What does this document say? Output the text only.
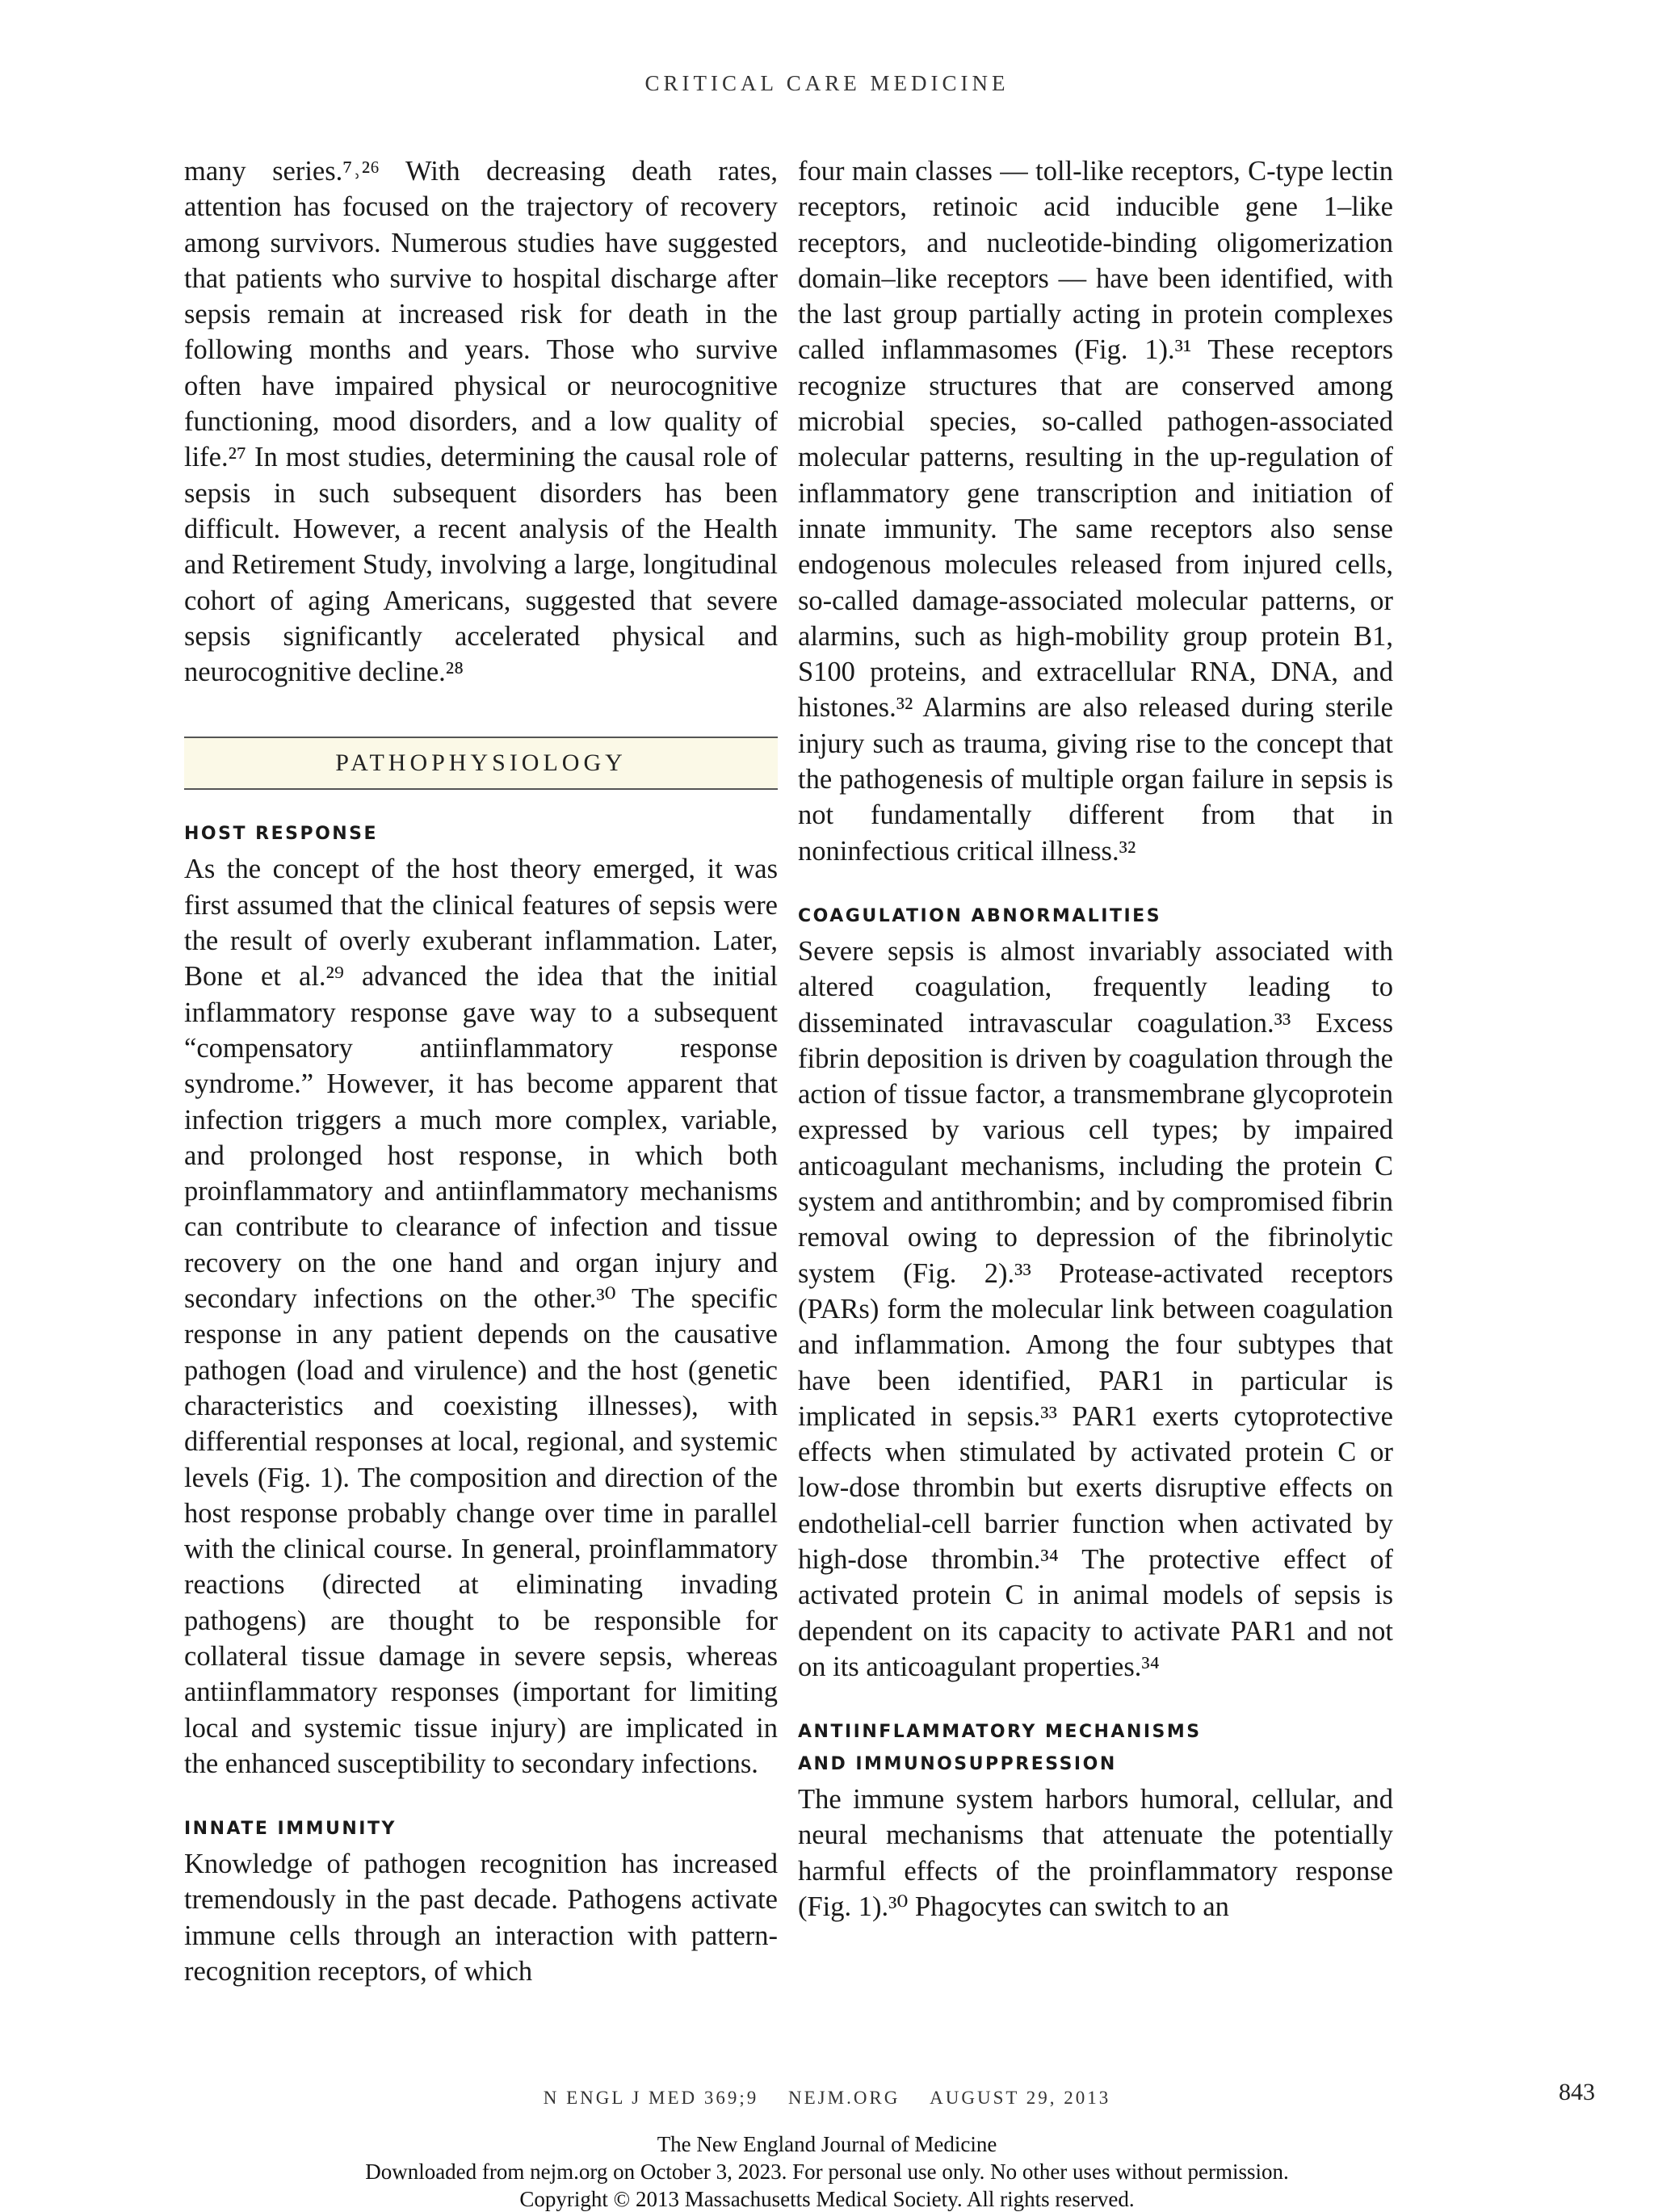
CRITICAL CARE MEDICINE

many series.⁷˒²⁶ With decreasing death rates, attention has focused on the trajectory of recovery among survivors. Numerous studies have suggested that patients who survive to hospital discharge after sepsis remain at increased risk for death in the following months and years. Those who survive often have impaired physical or neurocognitive functioning, mood disorders, and a low quality of life.²⁷ In most studies, determining the causal role of sepsis in such subsequent disorders has been difficult. However, a recent analysis of the Health and Retirement Study, involving a large, longitudinal cohort of aging Americans, suggested that severe sepsis significantly accelerated physical and neurocognitive decline.²⁸

PATHOPHYSIOLOGY
HOST RESPONSE

As the concept of the host theory emerged, it was first assumed that the clinical features of sepsis were the result of overly exuberant inflammation. Later, Bone et al.²⁹ advanced the idea that the initial inflammatory response gave way to a subsequent “compensatory antiinflammatory response syndrome.” However, it has become apparent that infection triggers a much more complex, variable, and prolonged host response, in which both proinflammatory and antiinflammatory mechanisms can contribute to clearance of infection and tissue recovery on the one hand and organ injury and secondary infections on the other.³⁰ The specific response in any patient depends on the causative pathogen (load and virulence) and the host (genetic characteristics and coexisting illnesses), with differential responses at local, regional, and systemic levels (Fig. 1). The composition and direction of the host response probably change over time in parallel with the clinical course. In general, proinflammatory reactions (directed at eliminating invading pathogens) are thought to be responsible for collateral tissue damage in severe sepsis, whereas antiinflammatory responses (important for limiting local and systemic tissue injury) are implicated in the enhanced susceptibility to secondary infections.

INNATE IMMUNITY

Knowledge of pathogen recognition has increased tremendously in the past decade. Pathogens activate immune cells through an interaction with pattern-recognition receptors, of which

four main classes — toll-like receptors, C-type lectin receptors, retinoic acid inducible gene 1–like receptors, and nucleotide-binding oligomerization domain–like receptors — have been identified, with the last group partially acting in protein complexes called inflammasomes (Fig. 1).³¹ These receptors recognize structures that are conserved among microbial species, so-called pathogen-associated molecular patterns, resulting in the up-regulation of inflammatory gene transcription and initiation of innate immunity. The same receptors also sense endogenous molecules released from injured cells, so-called damage-associated molecular patterns, or alarmins, such as high-mobility group protein B1, S100 proteins, and extracellular RNA, DNA, and histones.³² Alarmins are also released during sterile injury such as trauma, giving rise to the concept that the pathogenesis of multiple organ failure in sepsis is not fundamentally different from that in noninfectious critical illness.³²

COAGULATION ABNORMALITIES

Severe sepsis is almost invariably associated with altered coagulation, frequently leading to disseminated intravascular coagulation.³³ Excess fibrin deposition is driven by coagulation through the action of tissue factor, a transmembrane glycoprotein expressed by various cell types; by impaired anticoagulant mechanisms, including the protein C system and antithrombin; and by compromised fibrin removal owing to depression of the fibrinolytic system (Fig. 2).³³ Protease-activated receptors (PARs) form the molecular link between coagulation and inflammation. Among the four subtypes that have been identified, PAR1 in particular is implicated in sepsis.³³ PAR1 exerts cytoprotective effects when stimulated by activated protein C or low-dose thrombin but exerts disruptive effects on endothelial-cell barrier function when activated by high-dose thrombin.³⁴ The protective effect of activated protein C in animal models of sepsis is dependent on its capacity to activate PAR1 and not on its anticoagulant properties.³⁴

ANTIINFLAMMATORY MECHANISMS
AND IMMUNOSUPPRESSION

The immune system harbors humoral, cellular, and neural mechanisms that attenuate the potentially harmful effects of the proinflammatory response (Fig. 1).³⁰ Phagocytes can switch to an

N ENGL J MED 369;9 NEJM.ORG AUGUST 29, 2013	843
The New England Journal of Medicine
Downloaded from nejm.org on October 3, 2023. For personal use only. No other uses without permission.
Copyright © 2013 Massachusetts Medical Society. All rights reserved.
